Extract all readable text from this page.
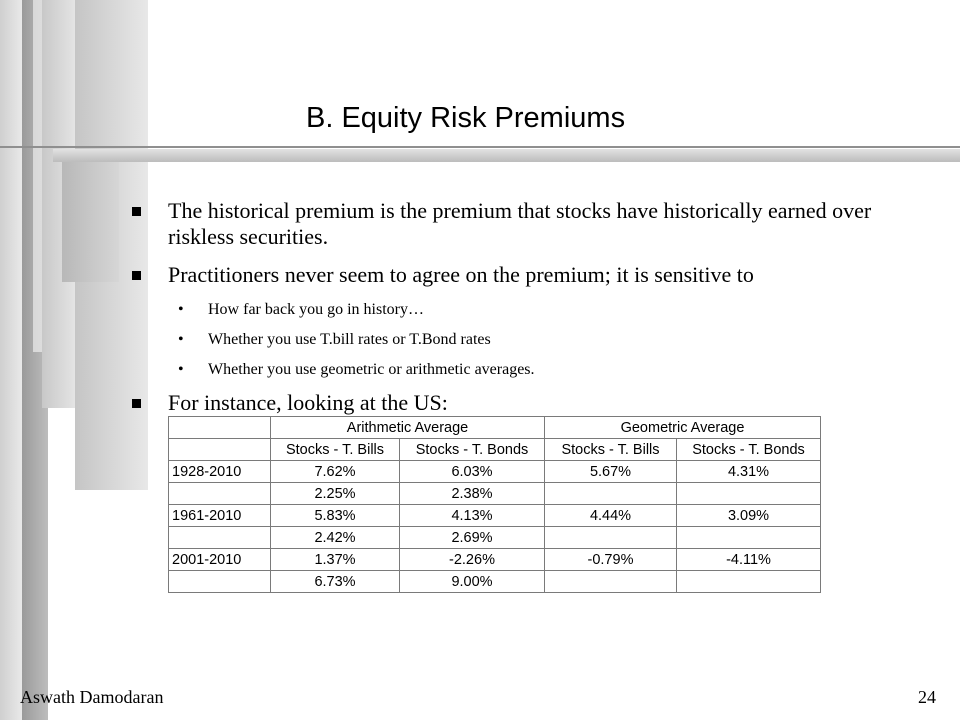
B. Equity Risk Premiums
The historical premium is the premium that stocks have historically earned over riskless securities.
Practitioners never seem to agree on the premium; it is sensitive to
• How far back you go in history…
• Whether you use T.bill rates or T.Bond rates
• Whether you use geometric or arithmetic averages.
For instance, looking at the US:
	Arithmetic Average		Geometric Average	
	Stocks - T. Bills	Stocks - T. Bonds	Stocks - T. Bills	Stocks - T. Bonds
1928-2010	7.62%	6.03%	5.67%	4.31%
	2.25%	2.38%		
1961-2010	5.83%	4.13%	4.44%	3.09%
	2.42%	2.69%		
2001-2010	1.37%	-2.26%	-0.79%	-4.11%
	6.73%	9.00%		
Aswath Damodaran	24
